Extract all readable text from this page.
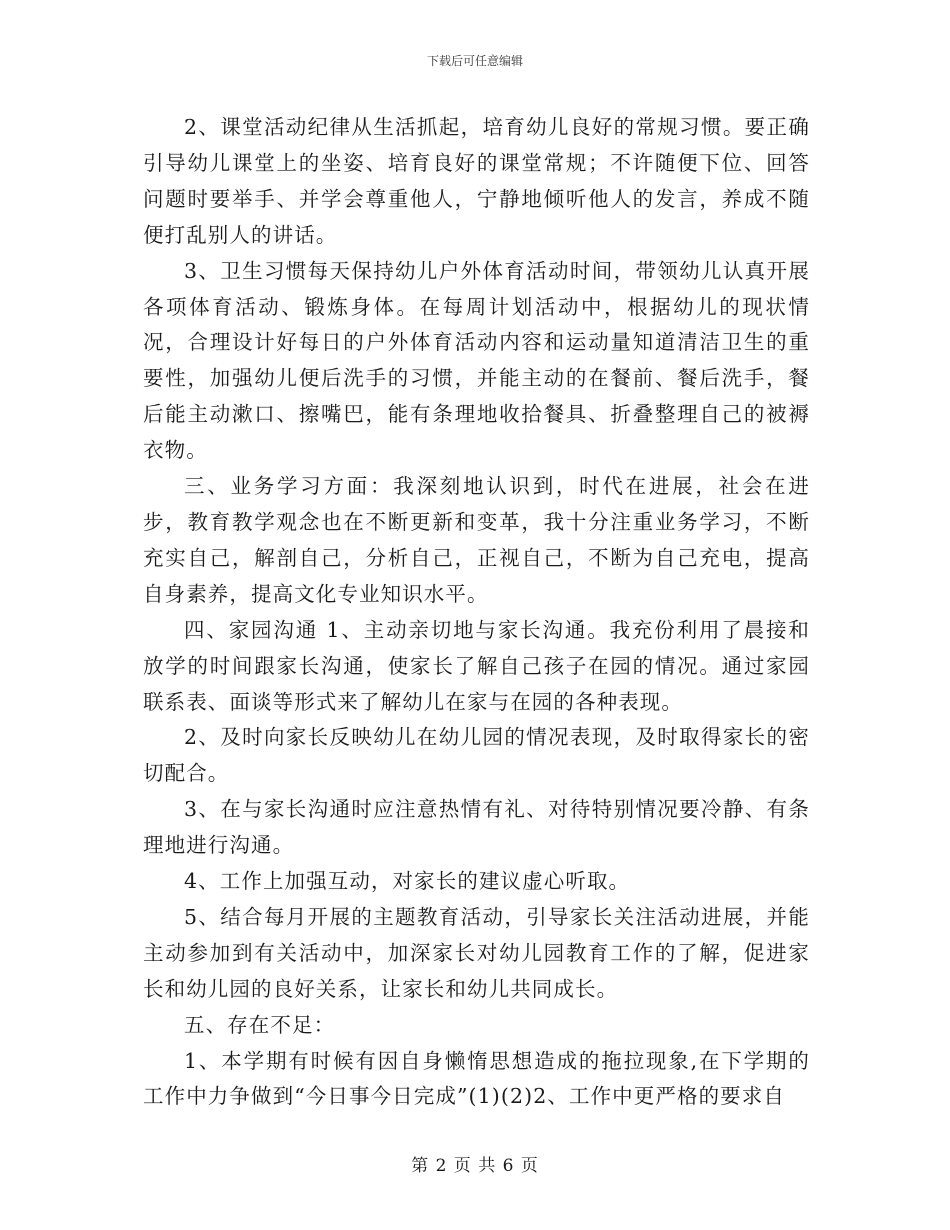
下载后可任意编辑

2、课堂活动纪律从生活抓起，培育幼儿良好的常规习惯。要正确引导幼儿课堂上的坐姿、培育良好的课堂常规；不许随便下位、回答问题时要举手、并学会尊重他人，宁静地倾听他人的发言，养成不随便打乱别人的讲话。

3、卫生习惯每天保持幼儿户外体育活动时间，带领幼儿认真开展各项体育活动、锻炼身体。在每周计划活动中，根据幼儿的现状情况，合理设计好每日的户外体育活动内容和运动量知道清洁卫生的重要性，加强幼儿便后洗手的习惯，并能主动的在餐前、餐后洗手，餐后能主动漱口、擦嘴巴，能有条理地收拾餐具、折叠整理自己的被褥衣物。

三、业务学习方面：我深刻地认识到，时代在进展，社会在进步，教育教学观念也在不断更新和变革，我十分注重业务学习，不断充实自己，解剖自己，分析自己，正视自己，不断为自己充电，提高自身素养，提高文化专业知识水平。

四、家园沟通 1、主动亲切地与家长沟通。我充份利用了晨接和放学的时间跟家长沟通，使家长了解自己孩子在园的情况。通过家园联系表、面谈等形式来了解幼儿在家与在园的各种表现。

2、及时向家长反映幼儿在幼儿园的情况表现，及时取得家长的密切配合。

3、在与家长沟通时应注意热情有礼、对待特别情况要冷静、有条理地进行沟通。

4、工作上加强互动，对家长的建议虚心听取。

5、结合每月开展的主题教育活动，引导家长关注活动进展，并能主动参加到有关活动中，加深家长对幼儿园教育工作的了解，促进家长和幼儿园的良好关系，让家长和幼儿共同成长。

五、存在不足：

1、本学期有时候有因自身懒惰思想造成的拖拉现象,在下学期的工作中力争做到“今日事今日完成”(1)(2)2、工作中更严格的要求自

第 2 页 共 6 页
